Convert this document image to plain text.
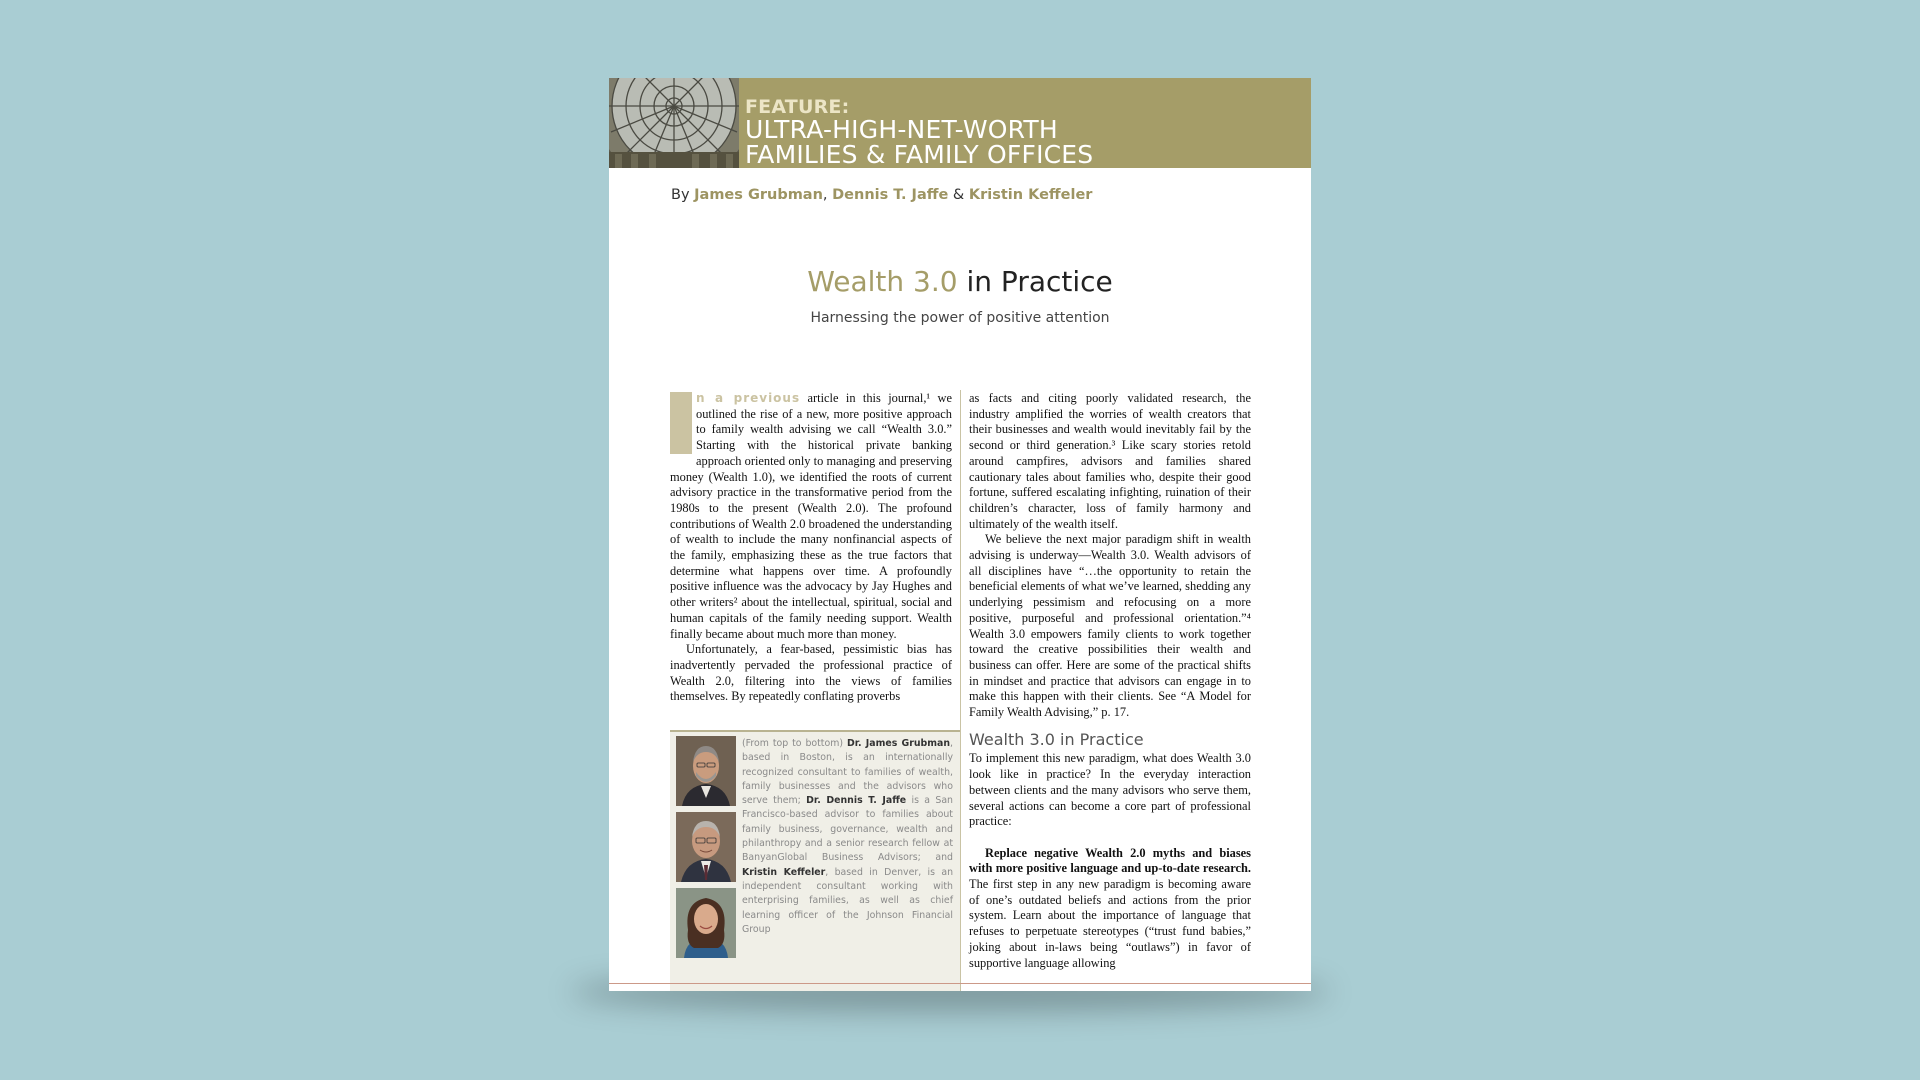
FEATURE:
ULTRA-HIGH-NET-WORTH
FAMILIES & FAMILY OFFICES
By James Grubman, Dennis T. Jaffe & Kristin Keffeler
Wealth 3.0 in Practice
Harnessing the power of positive attention

n a previous article in this journal,¹ we outlined the rise of a new, more positive approach to family wealth advising we call “Wealth 3.0.” Starting with the historical private banking approach oriented only to managing and preserving money (Wealth 1.0), we identified the roots of current advisory practice in the transformative period from the 1980s to the present (Wealth 2.0). The profound contributions of Wealth 2.0 broadened the understanding of wealth to include the many nonfinancial aspects of the family, emphasizing these as the true factors that determine what happens over time. A profoundly positive influence was the advocacy by Jay Hughes and other writers² about the intellectual, spiritual, social and human capitals of the family needing support. Wealth finally became about much more than money.

Unfortunately, a fear-based, pessimistic bias has inadvertently pervaded the professional practice of Wealth 2.0, filtering into the views of families themselves. By repeatedly conflating proverbs

(From top to bottom) Dr. James Grubman, based in Boston, is an internationally recognized consultant to families of wealth, family businesses and the advisors who serve them; Dr. Dennis T. Jaffe is a San Francisco-based advisor to families about family business, governance, wealth and philanthropy and a senior research fellow at BanyanGlobal Business Advisors; and Kristin Keffeler, based in Denver, is an independent consultant working with enterprising families, as well as chief learning officer of the Johnson Financial Group

as facts and citing poorly validated research, the industry amplified the worries of wealth creators that their businesses and wealth would inevitably fail by the second or third generation.³ Like scary stories retold around campfires, advisors and families shared cautionary tales about families who, despite their good fortune, suffered escalating infighting, ruination of their children’s character, loss of family harmony and ultimately of the wealth itself.

We believe the next major paradigm shift in wealth advising is underway—Wealth 3.0. Wealth advisors of all disciplines have “…the opportunity to retain the beneficial elements of what we’ve learned, shedding any underlying pessimism and refocusing on a more positive, purposeful and professional orientation.”⁴ Wealth 3.0 empowers family clients to work together toward the creative possibilities their wealth and business can offer. Here are some of the practical shifts in mindset and practice that advisors can engage in to make this happen with their clients. See “A Model for Family Wealth Advising,” p. 17.

Wealth 3.0 in Practice

To implement this new paradigm, what does Wealth 3.0 look like in practice? In the everyday interaction between clients and the many advisors who serve them, several actions can become a core part of professional practice:

Replace negative Wealth 2.0 myths and biases with more positive language and up-to-date research. The first step in any new paradigm is becoming aware of one’s outdated beliefs and actions from the prior system. Learn about the importance of language that refuses to perpetuate stereotypes (“trust fund babies,” joking about in-laws being “outlaws”) in favor of supportive language allowing
